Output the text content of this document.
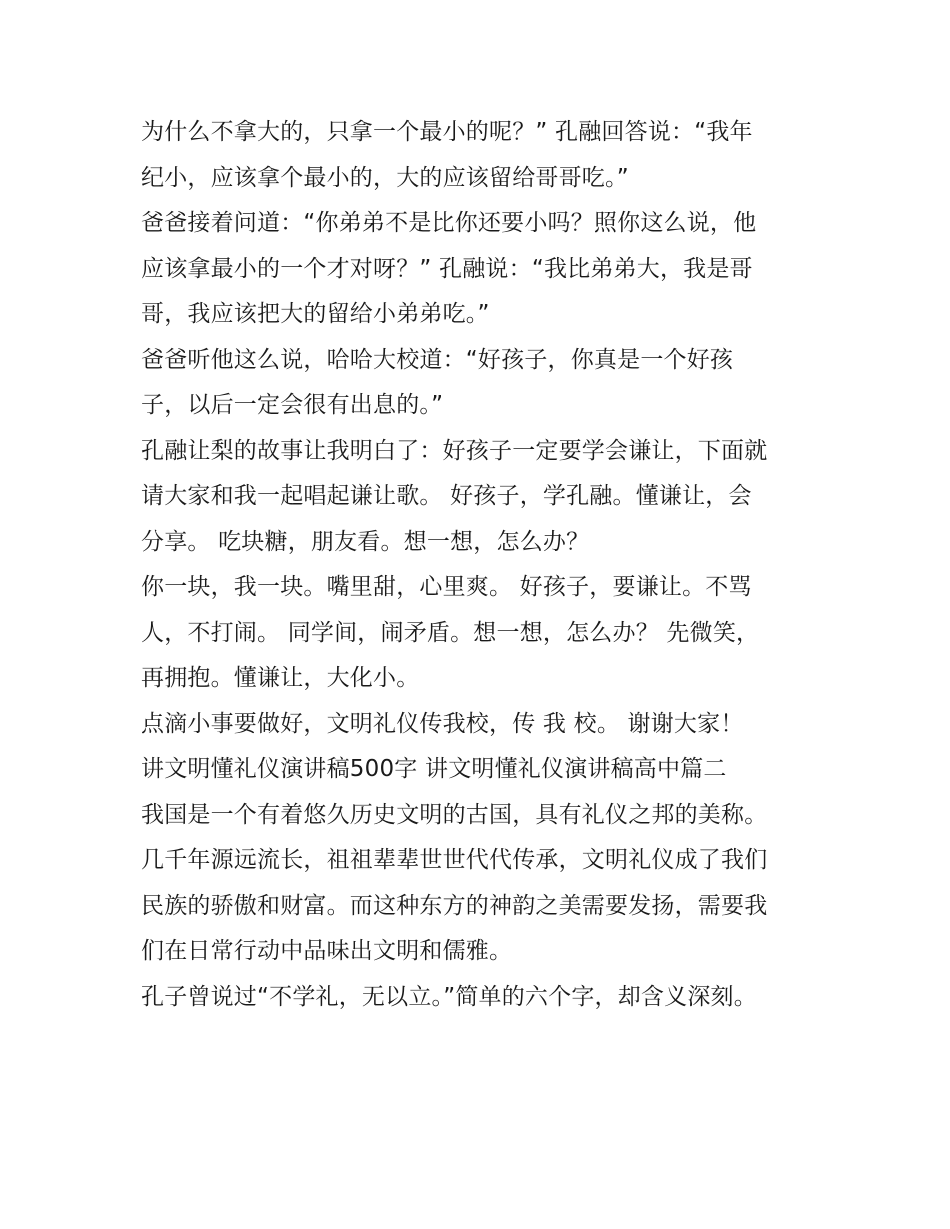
为什么不拿大的，只拿一个最小的呢？” 孔融回答说：“我年
纪小，应该拿个最小的，大的应该留给哥哥吃。”
爸爸接着问道：“你弟弟不是比你还要小吗？照你这么说，他
应该拿最小的一个才对呀？” 孔融说：“我比弟弟大，我是哥
哥，我应该把大的留给小弟弟吃。”
爸爸听他这么说，哈哈大校道：“好孩子，你真是一个好孩
子，以后一定会很有出息的。”
孔融让梨的故事让我明白了：好孩子一定要学会谦让，下面就
请大家和我一起唱起谦让歌。 好孩子，学孔融。懂谦让，会
分享。 吃块糖，朋友看。想一想，怎么办？
你一块，我一块。嘴里甜，心里爽。 好孩子，要谦让。不骂
人，不打闹。 同学间，闹矛盾。想一想，怎么办？ 先微笑，
再拥抱。懂谦让，大化小。
点滴小事要做好，文明礼仪传我校，传 我 校。 谢谢大家！
讲文明懂礼仪演讲稿500字 讲文明懂礼仪演讲稿高中篇二
我国是一个有着悠久历史文明的古国，具有礼仪之邦的美称。
几千年源远流长，祖祖辈辈世世代代传承，文明礼仪成了我们
民族的骄傲和财富。而这种东方的神韵之美需要发扬，需要我
们在日常行动中品味出文明和儒雅。
孔子曾说过“不学礼，无以立。”简单的六个字，却含义深刻。
